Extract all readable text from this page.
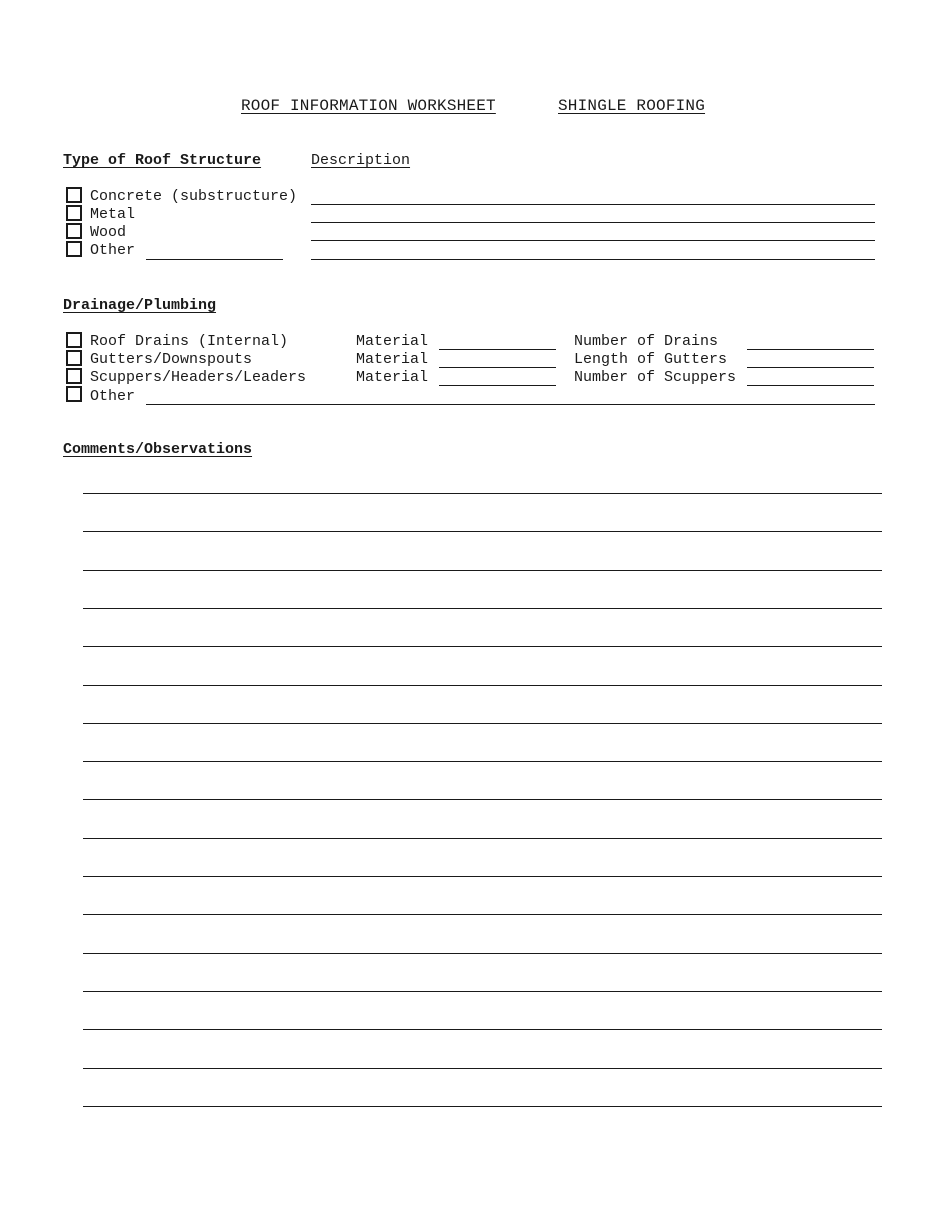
ROOF INFORMATION WORKSHEET	SHINGLE ROOFING
Type of Roof Structure	Description
Concrete (substructure)
Metal
Wood
Other
Drainage/Plumbing
Roof Drains (Internal)	Material	Number of Drains
Gutters/Downspouts	Material	Length of Gutters
Scuppers/Headers/Leaders	Material	Number of Scuppers
Other
Comments/Observations
